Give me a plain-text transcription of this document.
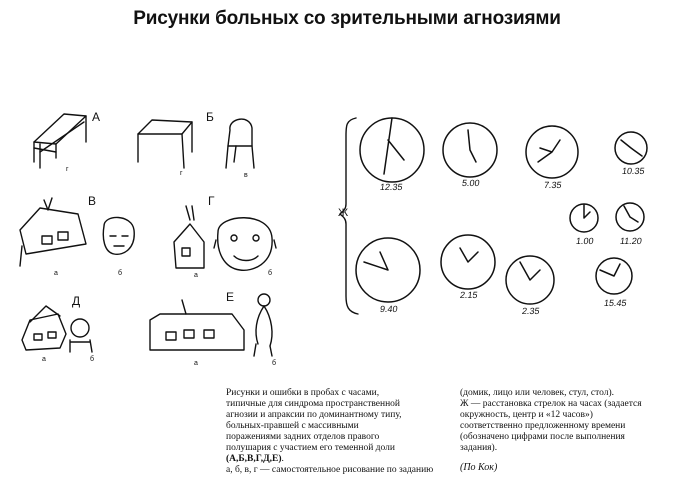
Рисунки больных со зрительными агнозиями
А	Б
В	Г
Д	Е
Ж
г
г	в
а	б	а	б
а	б
а	б
12.35	5.00	7.35
10.35
1.00	11.20
9.40
2.15
2.35
15.45
Рисунки и ошибки в пробах с часами,
типичные для синдрома пространственной
агнозии и апраксии по доминантному типу,
больных-правшей с массивными
поражениями задних отделов правого
полушария с участием его теменной доли
(А,Б,В,Г,Д,Е).
а, б, в, г — самостоятельное рисование по заданию
(домик, лицо или человек, стул, стол).
Ж — расстановка стрелок на часах (задается
окружность, центр и «12 часов»)
соответственно предложенному времени
(обозначено цифрами после выполнения
задания).
(По Кок)
